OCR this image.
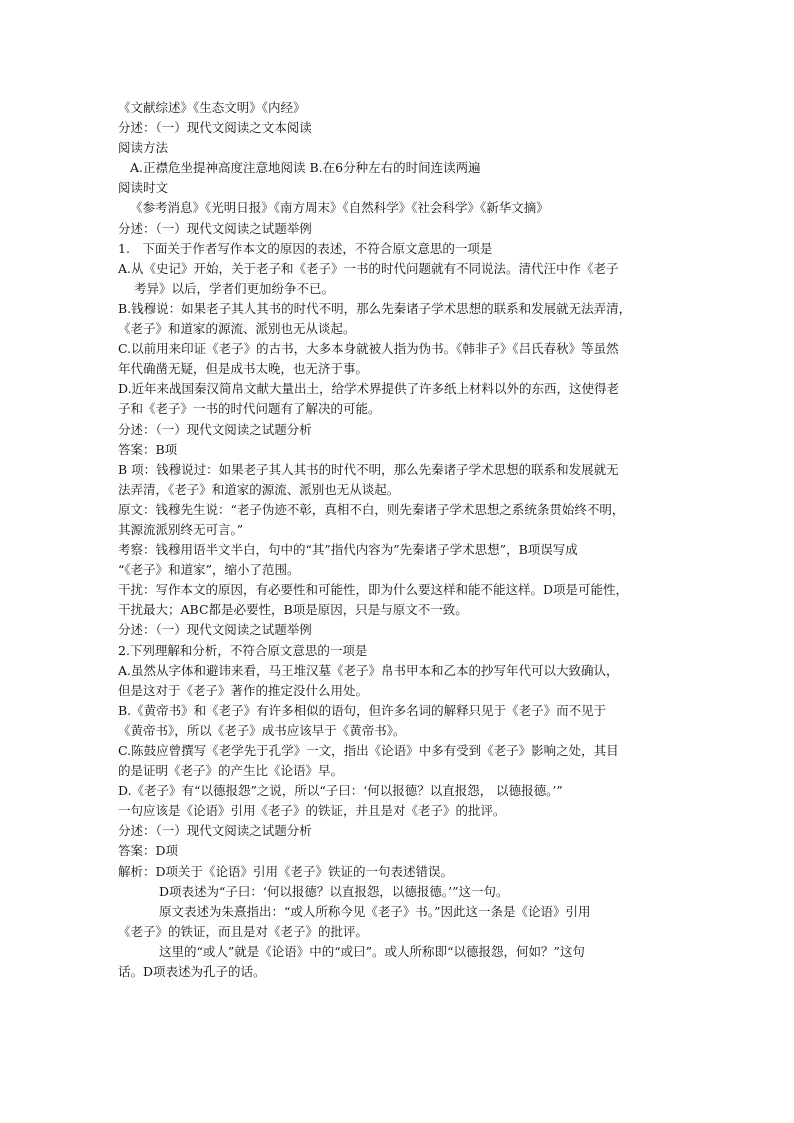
《文献综述》《生态文明》《内经》
分述：（一）现代文阅读之文本阅读
阅读方法
A.正襟危坐提神高度注意地阅读 B.在6分种左右的时间连读两遍
阅读时文
《参考消息》《光明日报》《南方周末》《自然科学》《社会科学》《新华文摘》
分述：（一）现代文阅读之试题举例
1.　下面关于作者写作本文的原因的表述，不符合原文意思的一项是
A.从《史记》开始，关于老子和《老子》一书的时代问题就有不同说法。清代汪中作《老子
考异》以后，学者们更加纷争不已。
B.钱穆说：如果老子其人其书的时代不明，那么先秦诸子学术思想的联系和发展就无法弄清，
《老子》和道家的源流、派别也无从谈起。
C.以前用来印证《老子》的古书，大多本身就被人指为伪书。《韩非子》《吕氏春秋》等虽然
年代确凿无疑，但是成书太晚，也无济于事。
D.近年来战国秦汉简帛文献大量出土，给学术界提供了许多纸上材料以外的东西，这使得老
子和《老子》一书的时代问题有了解决的可能。
分述：（一）现代文阅读之试题分析
答案：B项
B 项：钱穆说过：如果老子其人其书的时代不明，那么先秦诸子学术思想的联系和发展就无
法弄清，《老子》和道家的源流、派别也无从谈起。
原文：钱穆先生说：“老子伪迹不彰，真相不白，则先秦诸子学术思想之系统条贯始终不明，
其源流派别终无可言。”
考察：钱穆用语半文半白，句中的“其”指代内容为”先秦诸子学术思想”，B项误写成
“《老子》和道家”，缩小了范围。
干扰：写作本文的原因，有必要性和可能性，即为什么要这样和能不能这样。D项是可能性，
干扰最大；ABC都是必要性，B项是原因，只是与原文不一致。
分述：（一）现代文阅读之试题举例
2.下列理解和分析，不符合原文意思的一项是
A.虽然从字体和避讳来看，马王堆汉墓《老子》帛书甲本和乙本的抄写年代可以大致确认，
但是这对于《老子》著作的推定没什么用处。
B.《黄帝书》和《老子》有许多相似的语句，但许多名词的解释只见于《老子》而不见于
《黄帝书》，所以《老子》成书应该早于《黄帝书》。
C.陈鼓应曾撰写《老学先于孔学》一文，指出《论语》中多有受到《老子》影响之处，其目
的是证明《老子》的产生比《论语》早。
D.《老子》有“以德报怨”之说，所以“子曰：‘何以报德？以直报怨， 以德报德。’”
一句应该是《论语》引用《老子》的铁证，并且是对《老子》的批评。
分述：（一）现代文阅读之试题分析
答案：D项
解析：D项关于《论语》引用《老子》铁证的一句表述错误。
D项表述为“子曰：‘何以报德？以直报怨，以德报德。’”这一句。
原文表述为朱熹指出：“或人所称今见《老子》书。”因此这一条是《论语》引用
《老子》的铁证，而且是对《老子》的批评。
这里的“或人”就是《论语》中的“或曰”。或人所称即“以德报怨，何如？”这句
话。D项表述为孔子的话。
